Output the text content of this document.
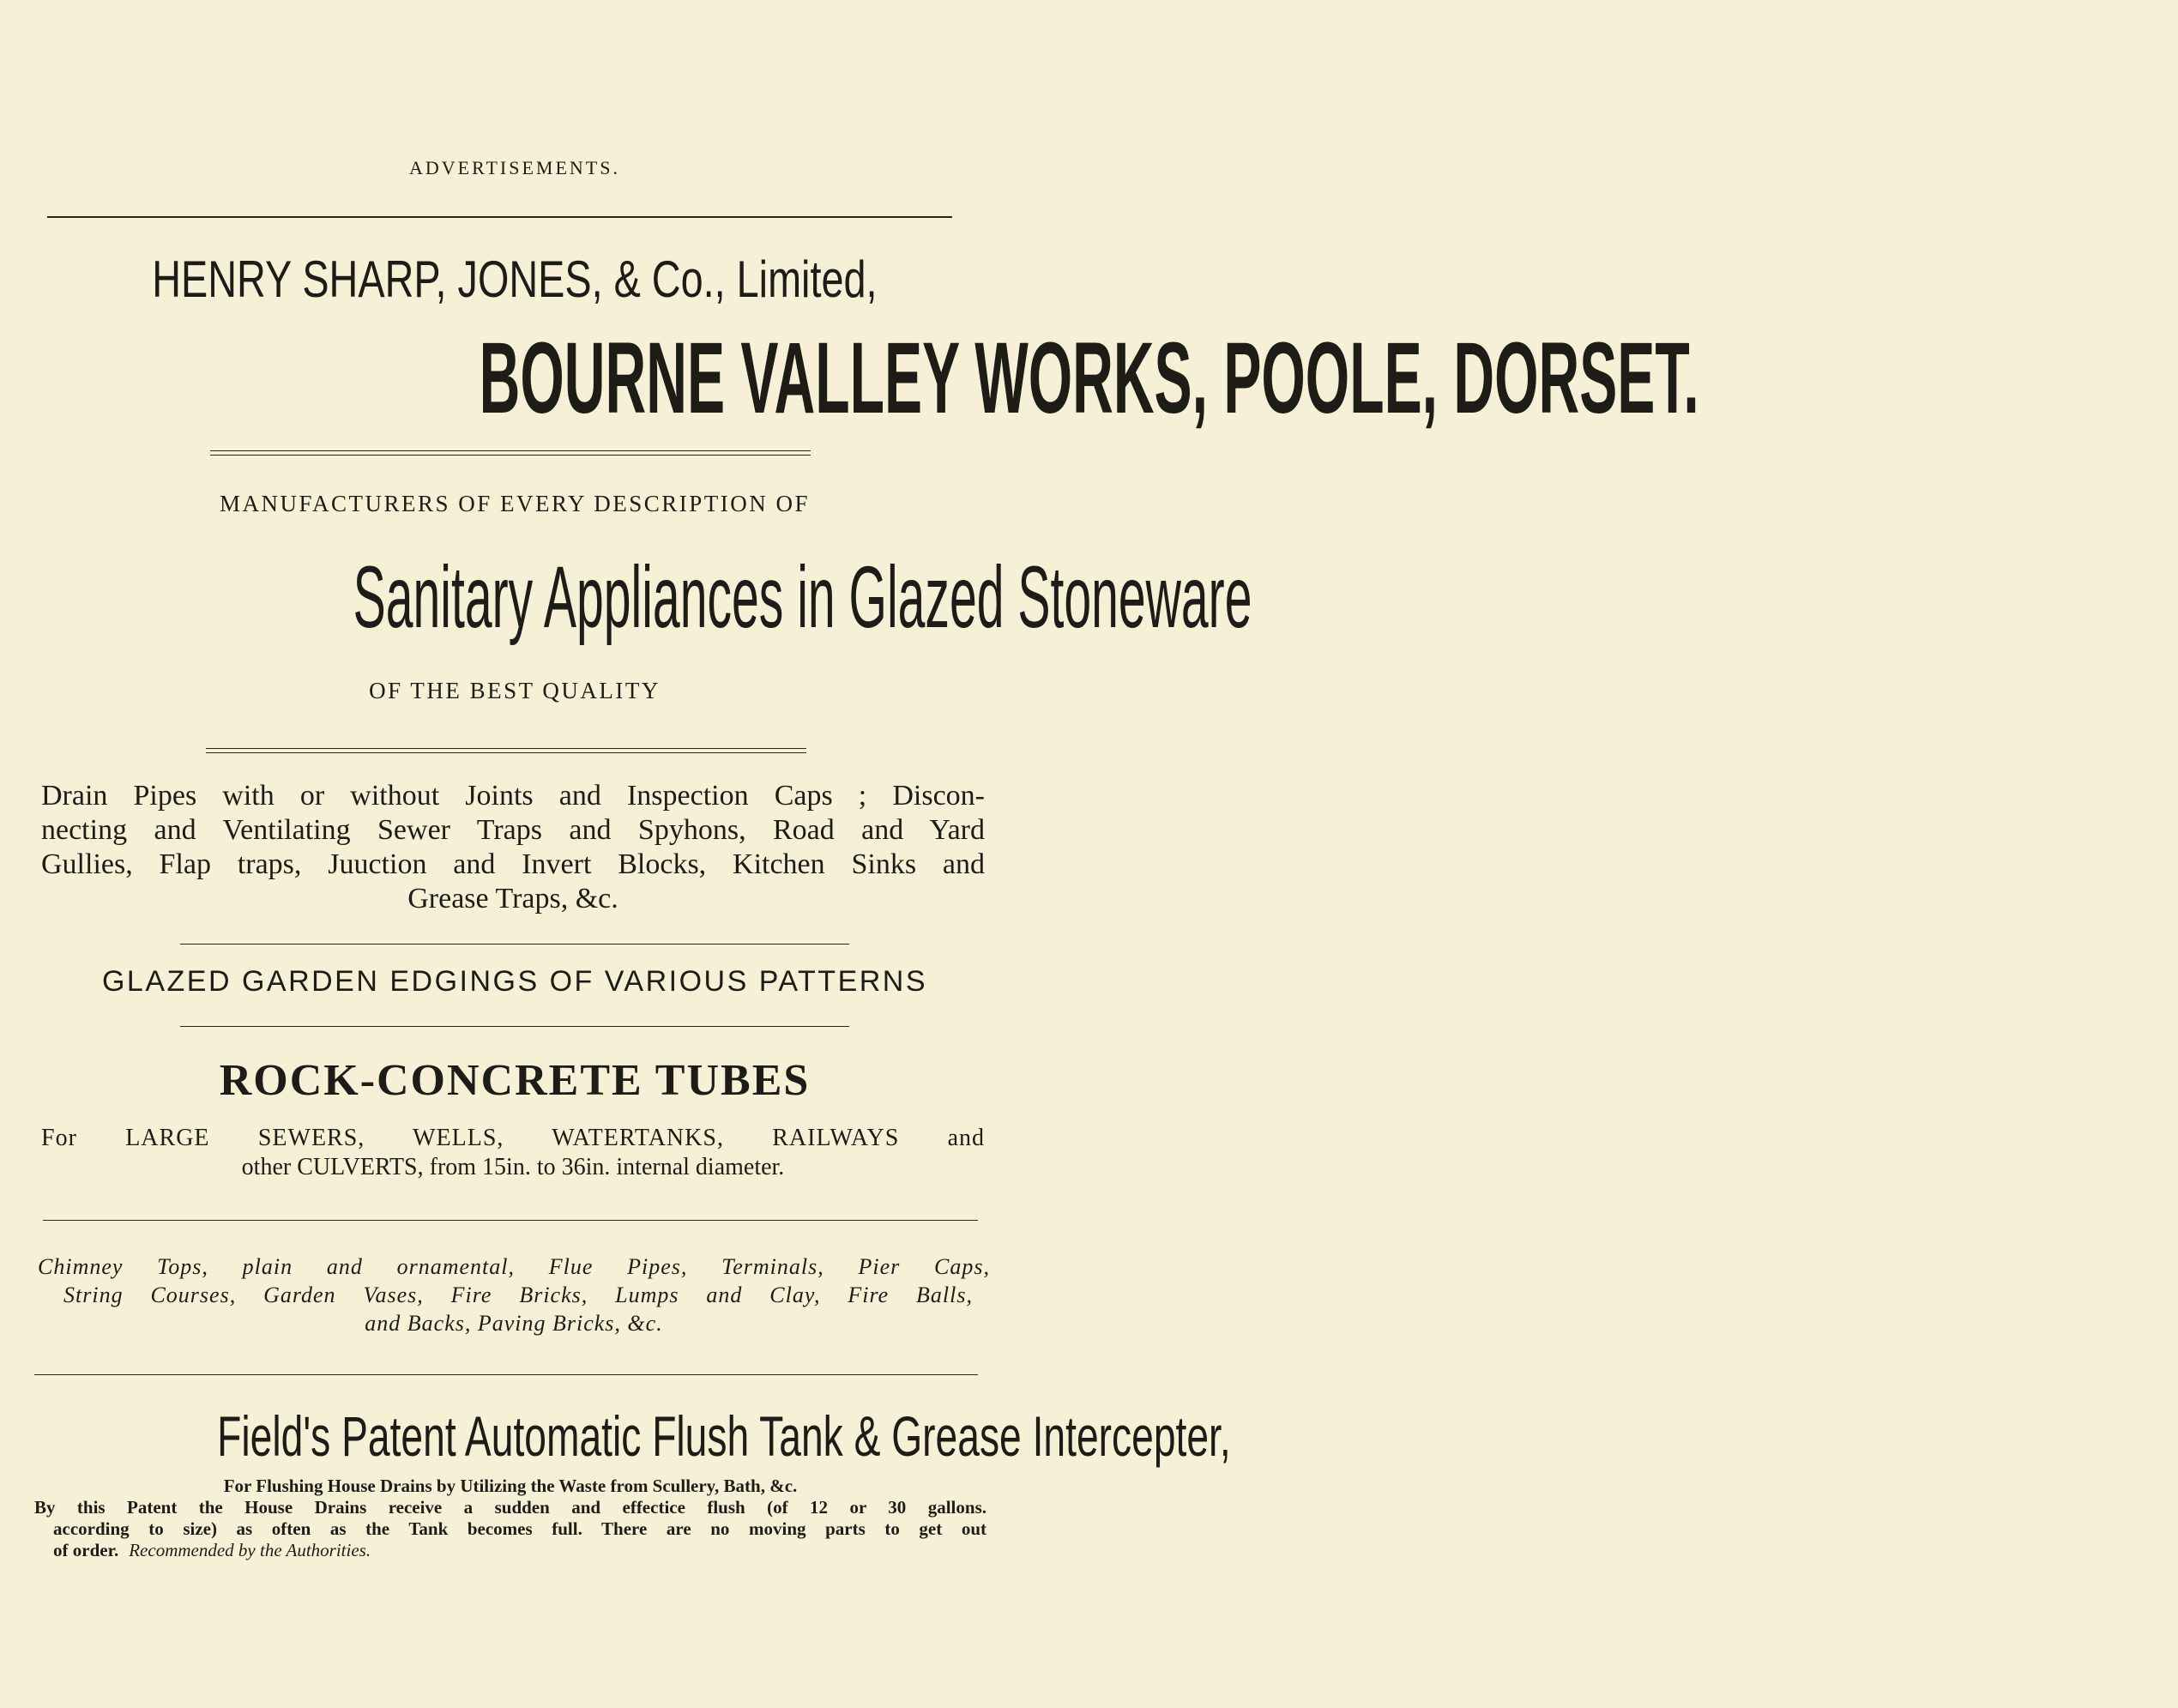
ADVERTISEMENTS.
HENRY SHARP, JONES, & Co., Limited,
BOURNE VALLEY WORKS, POOLE, DORSET.
MANUFACTURERS OF EVERY DESCRIPTION OF
Sanitary Appliances in Glazed Stoneware
OF THE BEST QUALITY

Drain Pipes with or without Joints and Inspection Caps ; Discon-

necting and Ventilating Sewer Traps and Spyhons, Road and Yard

Gullies, Flap traps, Juuction and Invert Blocks, Kitchen Sinks and

Grease Traps, &c.

GLAZED GARDEN EDGINGS OF VARIOUS PATTERNS
ROCK-CONCRETE TUBES

For LARGE SEWERS, WELLS, WATERTANKS, RAILWAYS and

other CULVERTS, from 15in. to 36in. internal diameter.

Chimney Tops, plain and ornamental, Flue Pipes, Terminals, Pier Caps,

String Courses, Garden Vases, Fire Bricks, Lumps and Clay, Fire Balls,

and Backs, Paving Bricks, &c.

Field's Patent Automatic Flush Tank & Grease Intercepter,

For Flushing House Drains by Utilizing the Waste from Scullery, Bath, &c.

By this Patent the House Drains receive a sudden and effectice flush (of 12 or 30 gallons.

according to size) as often as the Tank becomes full. There are no moving parts to get out

of order. Recommended by the Authorities.
